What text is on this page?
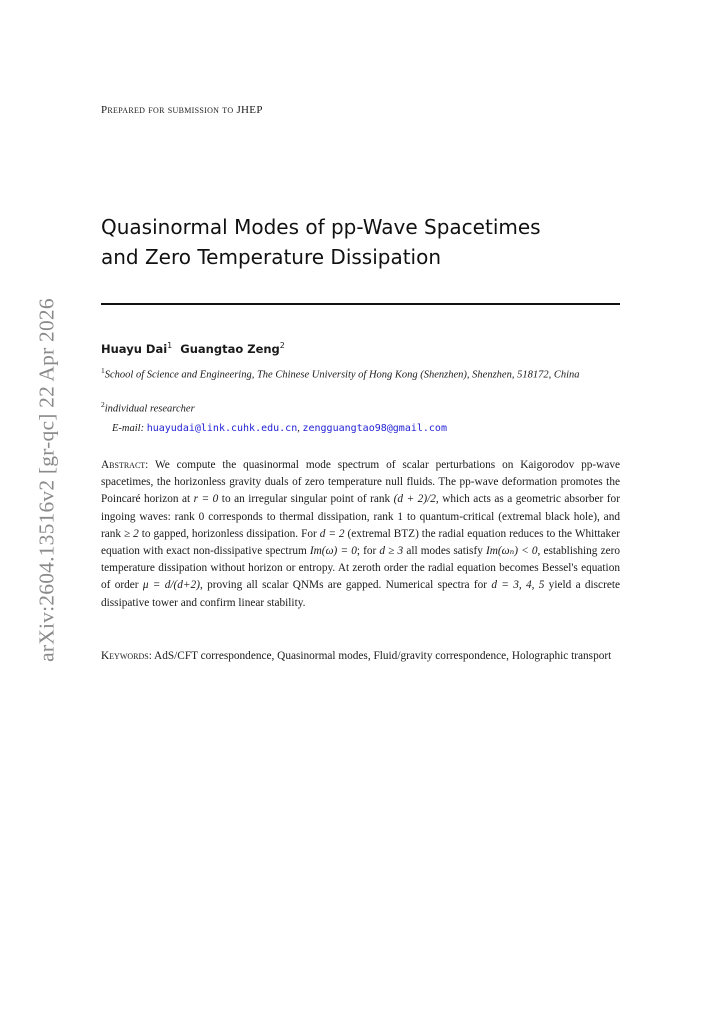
arXiv:2604.13516v2 [gr-qc] 22 Apr 2026
Prepared for submission to JHEP
Quasinormal Modes of pp-Wave Spacetimes
and Zero Temperature Dissipation
Huayu Dai$^1$ Guangtao Zeng$^2$
$^1$School of Science and Engineering, The Chinese University of Hong Kong (Shenzhen), Shenzhen, 518172, China
$^2$individual researcher
E-mail: huayudai@link.cuhk.edu.cn, zengguangtao98@gmail.com
Abstract: We compute the quasinormal mode spectrum of scalar perturbations on Kaigorodov pp-wave spacetimes, the horizonless gravity duals of zero temperature null fluids. The pp-wave deformation promotes the Poincaré horizon at r = 0 to an irregular singular point of rank (d + 2)/2, which acts as a geometric absorber for ingoing waves: rank 0 corresponds to thermal dissipation, rank 1 to quantum-critical (extremal black hole), and rank ≥ 2 to gapped, horizonless dissipation. For d = 2 (extremal BTZ) the radial equation reduces to the Whittaker equation with exact non-dissipative spectrum Im(ω) = 0; for d ≥ 3 all modes satisfy Im(ωₙ) < 0, establishing zero temperature dissipation without horizon or entropy. At zeroth order the radial equation becomes Bessel's equation of order μ = d/(d+2), proving all scalar QNMs are gapped. Numerical spectra for d = 3, 4, 5 yield a discrete dissipative tower and confirm linear stability.
Keywords: AdS/CFT correspondence, Quasinormal modes, Fluid/gravity correspondence, Holographic transport
